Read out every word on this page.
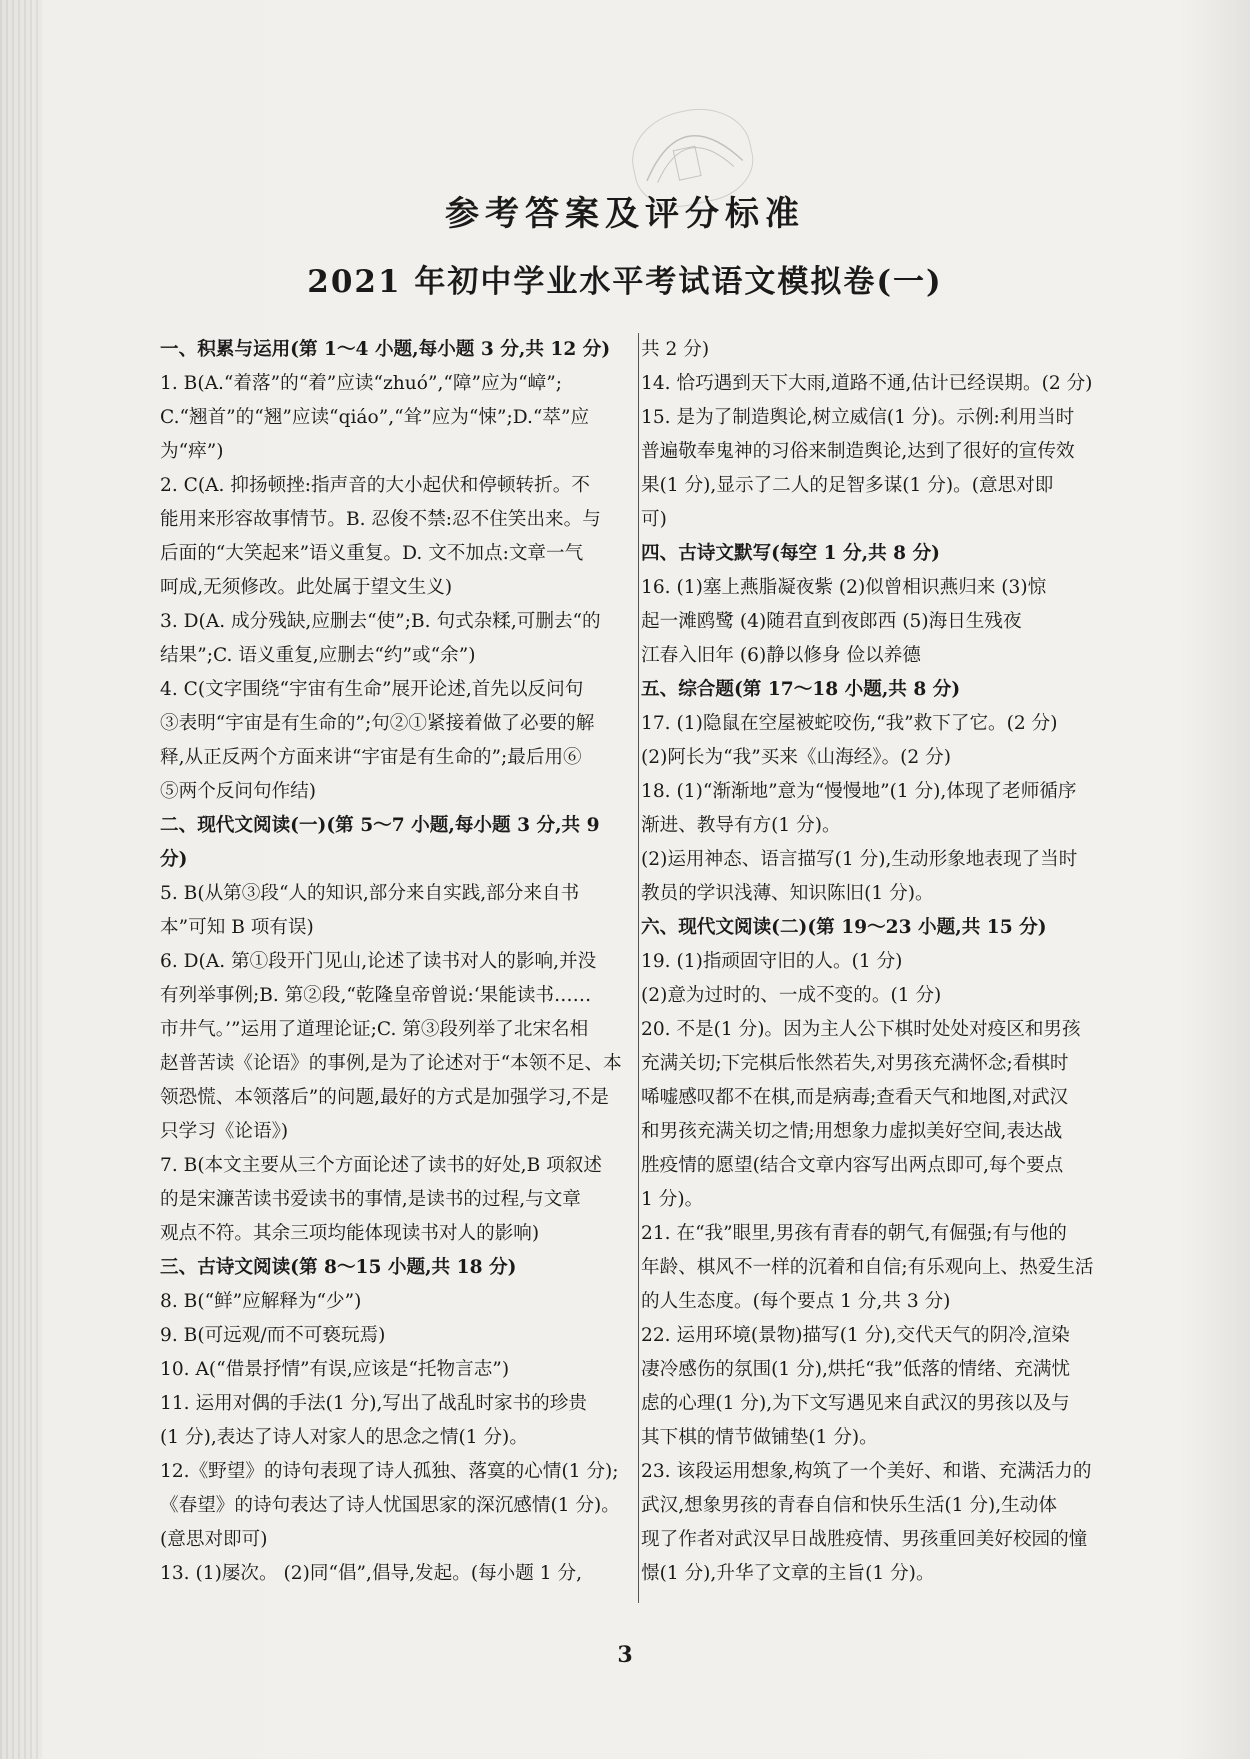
参考答案及评分标准
2021 年初中学业水平考试语文模拟卷(一)
一、积累与运用(第 1～4 小题,每小题 3 分,共 12 分)
1. B(A.“着落”的“着”应读“zhuó”,“障”应为“嶂”;
C.“翘首”的“翘”应读“qiáo”,“耸”应为“悚”;D.“萃”应
为“瘁”)
2. C(A. 抑扬顿挫:指声音的大小起伏和停顿转折。不
能用来形容故事情节。B. 忍俊不禁:忍不住笑出来。与
后面的“大笑起来”语义重复。D. 文不加点:文章一气
呵成,无须修改。此处属于望文生义)
3. D(A. 成分残缺,应删去“使”;B. 句式杂糅,可删去“的
结果”;C. 语义重复,应删去“约”或“余”)
4. C(文字围绕“宇宙有生命”展开论述,首先以反问句
③表明“宇宙是有生命的”;句②①紧接着做了必要的解
释,从正反两个方面来讲“宇宙是有生命的”;最后用⑥
⑤两个反问句作结)
二、现代文阅读(一)(第 5～7 小题,每小题 3 分,共 9
分)
5. B(从第③段“人的知识,部分来自实践,部分来自书
本”可知 B 项有误)
6. D(A. 第①段开门见山,论述了读书对人的影响,并没
有列举事例;B. 第②段,“乾隆皇帝曾说:‘果能读书……
市井气。’”运用了道理论证;C. 第③段列举了北宋名相
赵普苦读《论语》的事例,是为了论述对于“本领不足、本
领恐慌、本领落后”的问题,最好的方式是加强学习,不是
只学习《论语》)
7. B(本文主要从三个方面论述了读书的好处,B 项叙述
的是宋濂苦读书爱读书的事情,是读书的过程,与文章
观点不符。其余三项均能体现读书对人的影响)
三、古诗文阅读(第 8～15 小题,共 18 分)
8. B(“鲜”应解释为“少”)
9. B(可远观/而不可亵玩焉)
10. A(“借景抒情”有误,应该是“托物言志”)
11. 运用对偶的手法(1 分),写出了战乱时家书的珍贵
(1 分),表达了诗人对家人的思念之情(1 分)。
12.《野望》的诗句表现了诗人孤独、落寞的心情(1 分);
《春望》的诗句表达了诗人忧国思家的深沉感情(1 分)。
(意思对即可)
13. (1)屡次。 (2)同“倡”,倡导,发起。(每小题 1 分,
共 2 分)
14. 恰巧遇到天下大雨,道路不通,估计已经误期。(2 分)
15. 是为了制造舆论,树立威信(1 分)。示例:利用当时
普遍敬奉鬼神的习俗来制造舆论,达到了很好的宣传效
果(1 分),显示了二人的足智多谋(1 分)。(意思对即
可)
四、古诗文默写(每空 1 分,共 8 分)
16. (1)塞上燕脂凝夜紫 (2)似曾相识燕归来 (3)惊
起一滩鸥鹭 (4)随君直到夜郎西 (5)海日生残夜
江春入旧年 (6)静以修身 俭以养德
五、综合题(第 17～18 小题,共 8 分)
17. (1)隐鼠在空屋被蛇咬伤,“我”救下了它。(2 分)
(2)阿长为“我”买来《山海经》。(2 分)
18. (1)“渐渐地”意为“慢慢地”(1 分),体现了老师循序
渐进、教导有方(1 分)。
(2)运用神态、语言描写(1 分),生动形象地表现了当时
教员的学识浅薄、知识陈旧(1 分)。
六、现代文阅读(二)(第 19～23 小题,共 15 分)
19. (1)指顽固守旧的人。(1 分)
(2)意为过时的、一成不变的。(1 分)
20. 不是(1 分)。因为主人公下棋时处处对疫区和男孩
充满关切;下完棋后怅然若失,对男孩充满怀念;看棋时
唏嘘感叹都不在棋,而是病毒;查看天气和地图,对武汉
和男孩充满关切之情;用想象力虚拟美好空间,表达战
胜疫情的愿望(结合文章内容写出两点即可,每个要点
1 分)。
21. 在“我”眼里,男孩有青春的朝气,有倔强;有与他的
年龄、棋风不一样的沉着和自信;有乐观向上、热爱生活
的人生态度。(每个要点 1 分,共 3 分)
22. 运用环境(景物)描写(1 分),交代天气的阴冷,渲染
凄冷感伤的氛围(1 分),烘托“我”低落的情绪、充满忧
虑的心理(1 分),为下文写遇见来自武汉的男孩以及与
其下棋的情节做铺垫(1 分)。
23. 该段运用想象,构筑了一个美好、和谐、充满活力的
武汉,想象男孩的青春自信和快乐生活(1 分),生动体
现了作者对武汉早日战胜疫情、男孩重回美好校园的憧
憬(1 分),升华了文章的主旨(1 分)。
3
